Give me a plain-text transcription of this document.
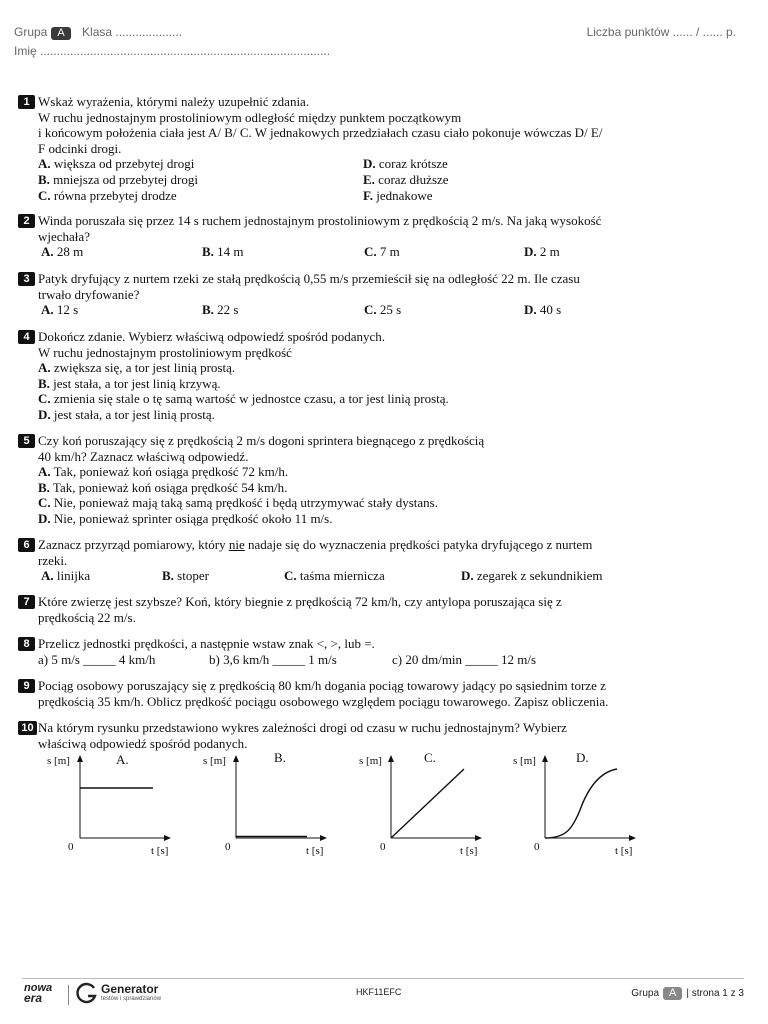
Grupa A Klasa ....................	Liczba punktów ...... / ...... p.
Imię .......................................................................................
1 Wskaż wyrażenia, którymi należy uzupełnić zdania.
W ruchu jednostajnym prostoliniowym odległość między punktem początkowym
i końcowym położenia ciała jest A/ B/ C. W jednakowych przedziałach czasu ciało pokonuje wówczas D/ E/
F odcinki drogi.
A. większa od przebytej drogi	D. coraz krótsze
B. mniejsza od przebytej drogi	E. coraz dłuższe
C. równa przebytej drodze	F. jednakowe
2 Winda poruszała się przez 14 s ruchem jednostajnym prostoliniowym z prędkością 2 m/s. Na jaką wysokość
wjechała?
A. 28 m	B. 14 m	C. 7 m	D. 2 m
3 Patyk dryfujący z nurtem rzeki ze stałą prędkością 0,55 m/s przemieścił się na odległość 22 m. Ile czasu
trwało dryfowanie?
A. 12 s	B. 22 s	C. 25 s	D. 40 s
4 Dokończ zdanie. Wybierz właściwą odpowiedź spośród podanych.
W ruchu jednostajnym prostoliniowym prędkość
A. zwiększa się, a tor jest linią prostą.
B. jest stała, a tor jest linią krzywą.
C. zmienia się stale o tę samą wartość w jednostce czasu, a tor jest linią prostą.
D. jest stała, a tor jest linią prostą.
5 Czy koń poruszający się z prędkością 2 m/s dogoni sprintera biegnącego z prędkością
40 km/h? Zaznacz właściwą odpowiedź.
A. Tak, ponieważ koń osiąga prędkość 72 km/h.
B. Tak, ponieważ koń osiąga prędkość 54 km/h.
C. Nie, ponieważ mają taką samą prędkość i będą utrzymywać stały dystans.
D. Nie, ponieważ sprinter osiąga prędkość około 11 m/s.
6 Zaznacz przyrząd pomiarowy, który nie nadaje się do wyznaczenia prędkości patyka dryfującego z nurtem
rzeki.
A. linijka	B. stoper	C. taśma miernicza	D. zegarek z sekundnikiem
7 Które zwierzę jest szybsze? Koń, który biegnie z prędkością 72 km/h, czy antylopa poruszająca się z
prędkością 22 m/s.
8 Przelicz jednostki prędkości, a następnie wstaw znak <, >, lub =.
a) 5 m/s _____ 4 km/h	b) 3,6 km/h _____ 1 m/s	c) 20 dm/min _____ 12 m/s
9 Pociąg osobowy poruszający się z prędkością 80 km/h dogania pociąg towarowy jadący po sąsiednim torze z
prędkością 35 km/h. Oblicz prędkość pociągu osobowego względem pociągu towarowego. Zapisz obliczenia.
10 Na którym rysunku przedstawiono wykres zależności drogi od czasu w ruchu jednostajnym? Wybierz
właściwą odpowiedź spośród podanych.
A.
s [m]
t [s]
0
B.
s [m]
t [s]
0
C.
s [m]
t [s]
0
D.
s [m]
t [s]
0
nowa
era
Generator
testów i sprawdzianów
HKF11EFC	Grupa A | strona 1 z 3
